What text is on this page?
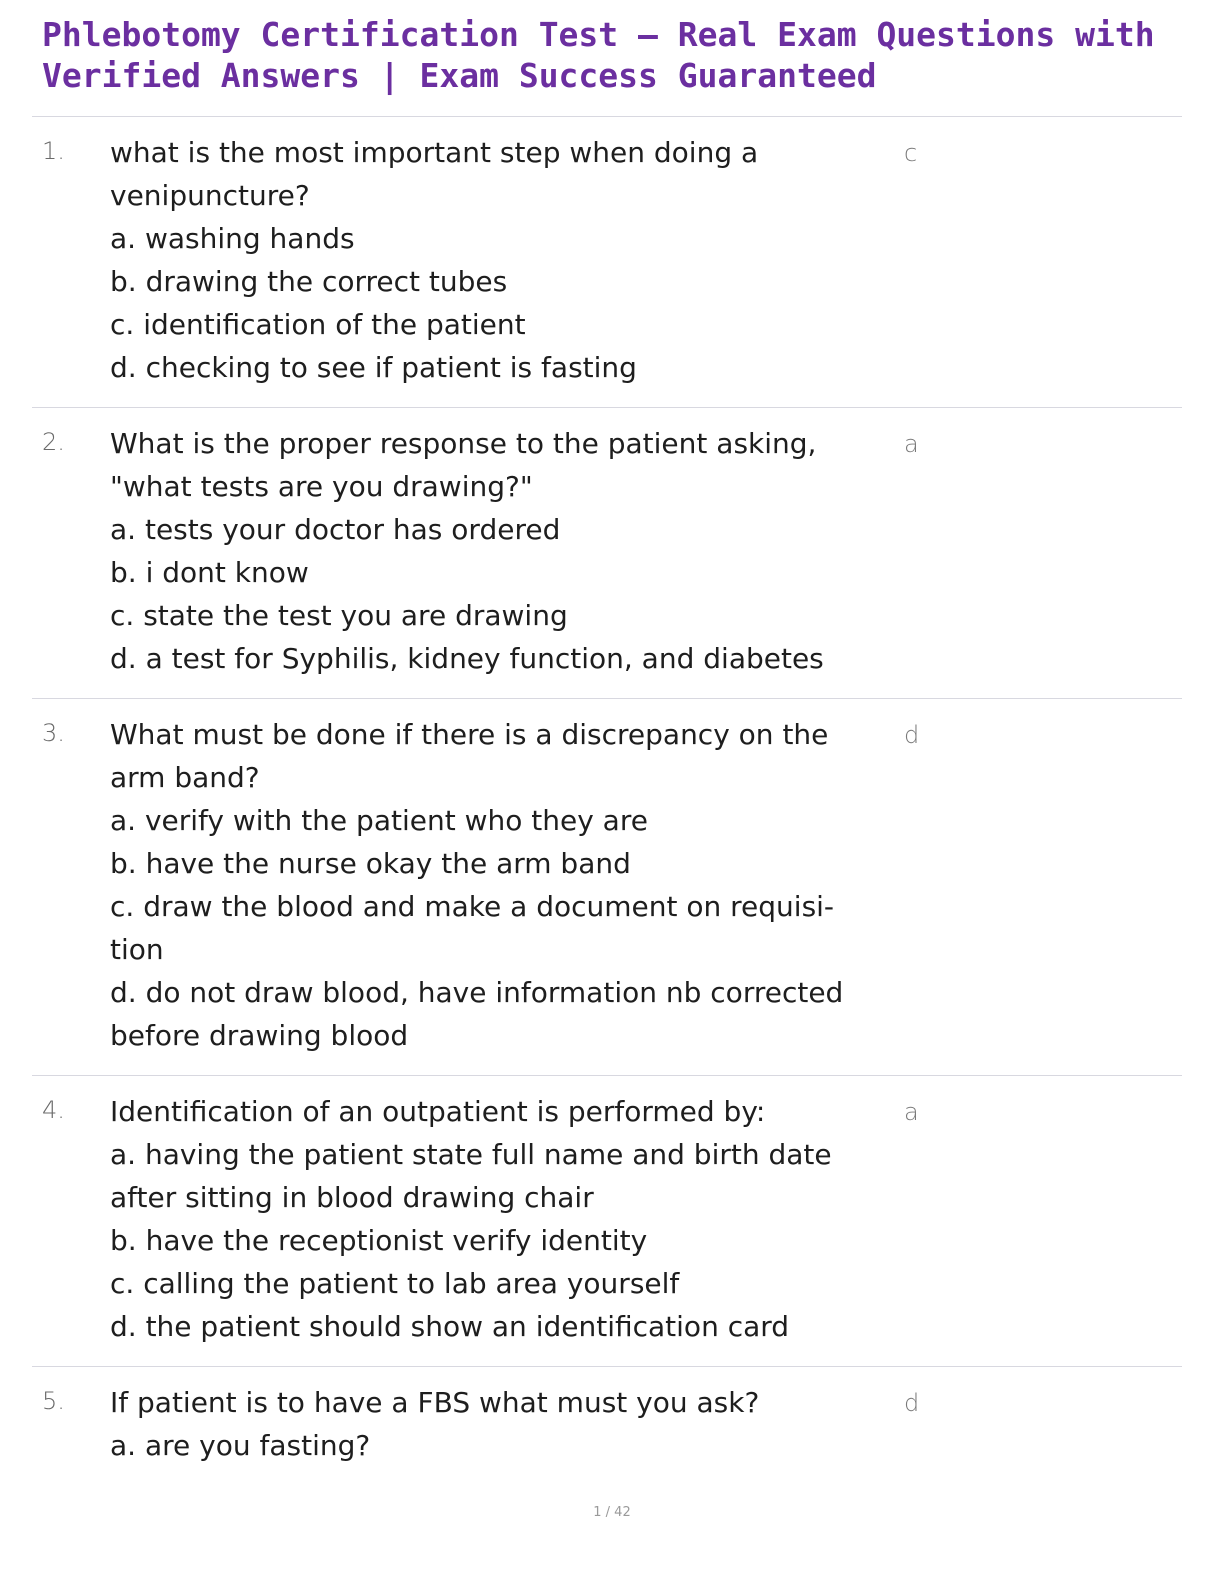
Phlebotomy Certification Test – Real Exam Questions with
Verified Answers | Exam Success Guaranteed
1. what is the most important step when doing a
venipuncture?
a. washing hands
b. drawing the correct tubes
c. identification of the patient
d. checking to see if patient is fasting
c
2. What is the proper response to the patient asking,
"what tests are you drawing?"
a. tests your doctor has ordered
b. i dont know
c. state the test you are drawing
d. a test for Syphilis, kidney function, and diabetes
a
3. What must be done if there is a discrepancy on the
arm band?
a. verify with the patient who they are
b. have the nurse okay the arm band
c. draw the blood and make a document on requisi-
tion
d. do not draw blood, have information nb corrected
before drawing blood
d
4. Identification of an outpatient is performed by:
a. having the patient state full name and birth date
after sitting in blood drawing chair
b. have the receptionist verify identity
c. calling the patient to lab area yourself
d. the patient should show an identification card
a
5. If patient is to have a FBS what must you ask?
a. are you fasting?
d
1 / 42
